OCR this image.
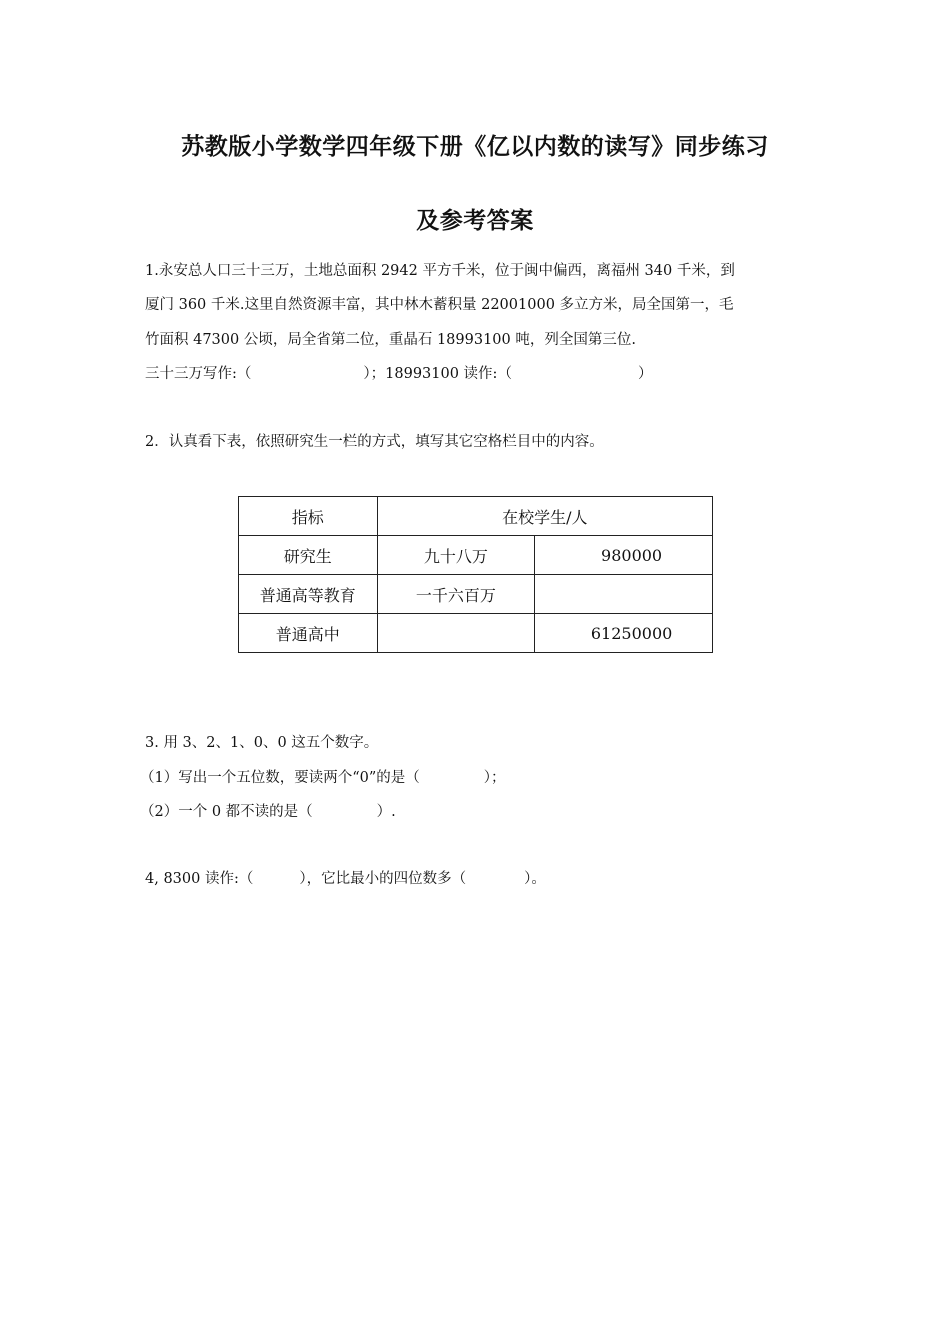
苏教版小学数学四年级下册《亿以内数的读写》同步练习
及参考答案

1.永安总人口三十三万，土地总面积 2942 平方千米，位于闽中偏西，离福州 340 千米，到

厦门 360 千米.这里自然资源丰富，其中林木蓄积量 22001000 多立方米，局全国第一，毛

竹面积 47300 公顷，局全省第二位，重晶石 18993100 吨，列全国第三位.

三十三万写作:（	）；18993100 读作:（	）

2．认真看下表，依照研究生一栏的方式，填写其它空格栏目中的内容。

指标	在校学生/人	
研究生	九十八万	980000
普通高等教育	一千六百万	
普通高中		61250000

3. 用 3、2、1、0、0 这五个数字。

（1）写出一个五位数，要读两个“0”的是（	）；

（2）一个 0 都不读的是（	）.

4, 8300 读作:（	），它比最小的四位数多（	）。
